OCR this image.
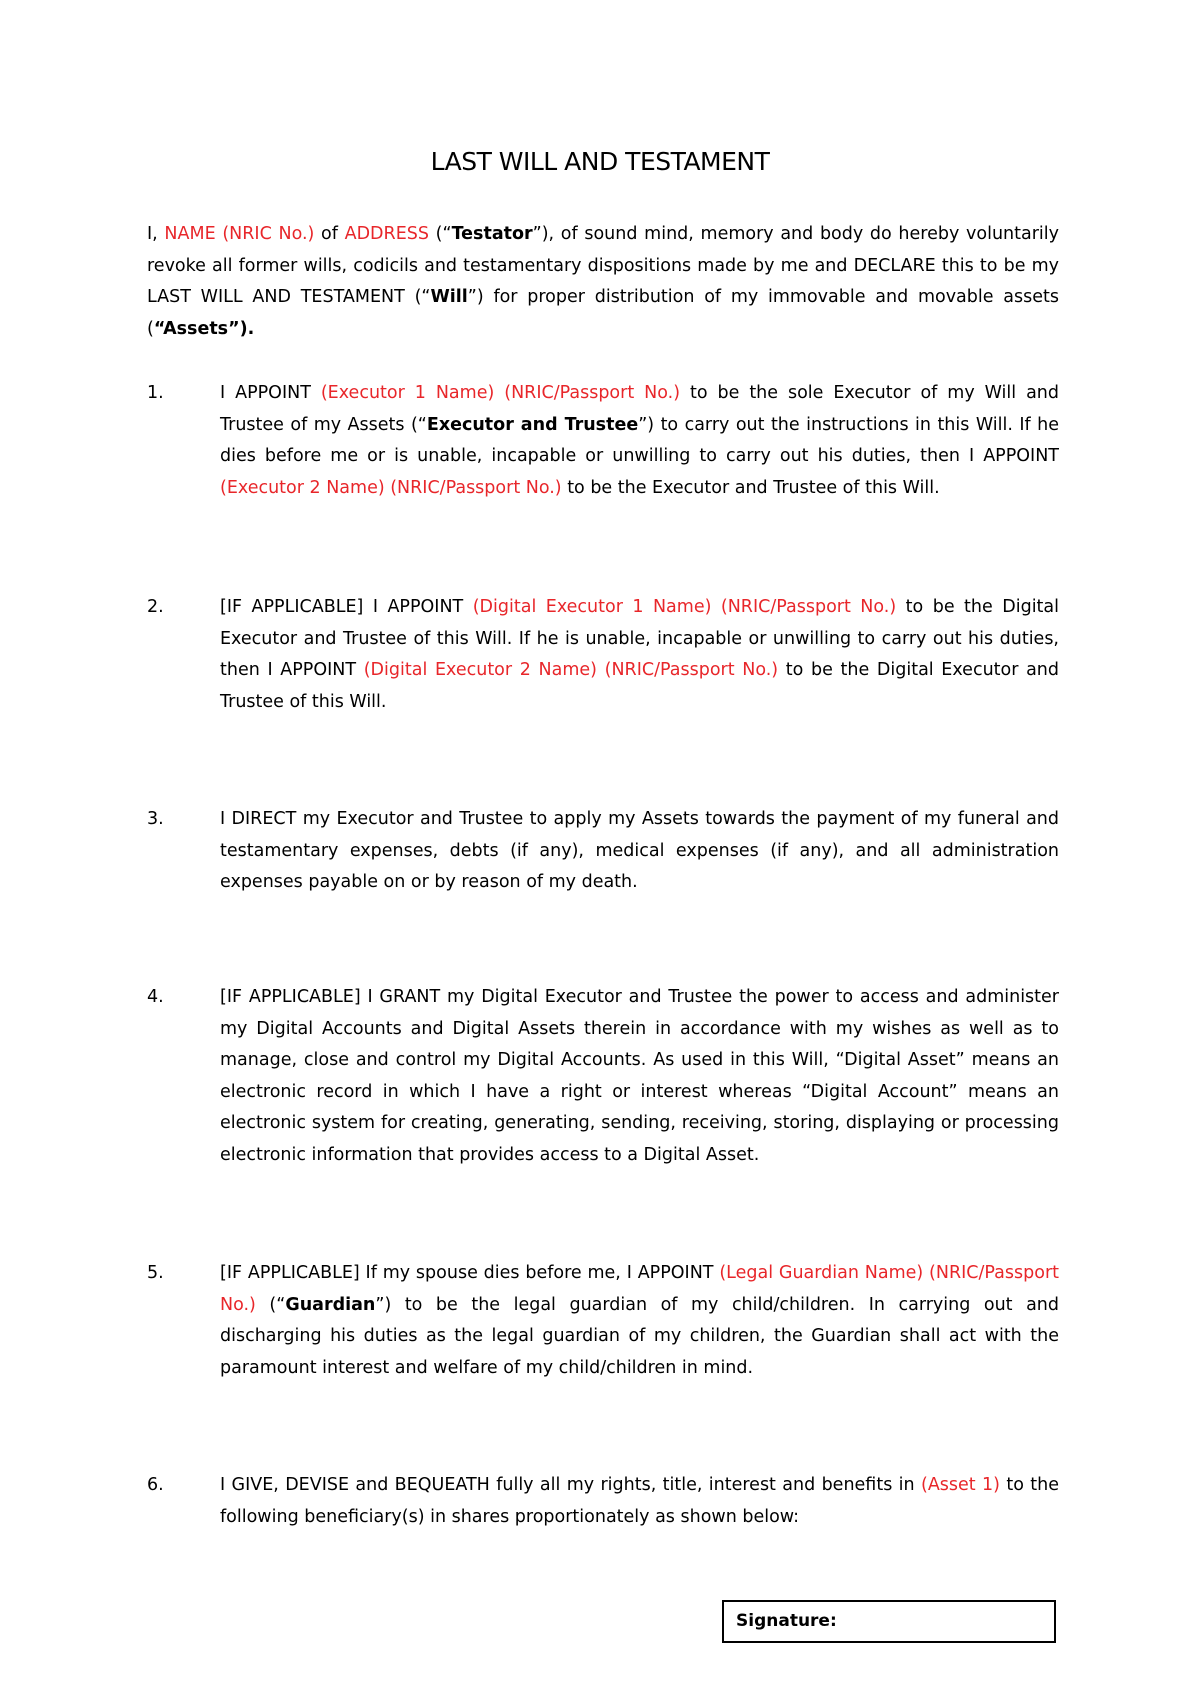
LAST WILL AND TESTAMENT
I, NAME (NRIC No.) of ADDRESS (“Testator”), of sound mind, memory and body do hereby voluntarily revoke all former wills, codicils and testamentary dispositions made by me and DECLARE this to be my LAST WILL AND TESTAMENT (“Will”) for proper distribution of my immovable and movable assets (“Assets”).
1.	I APPOINT (Executor 1 Name) (NRIC/Passport No.) to be the sole Executor of my Will and Trustee of my Assets (“Executor and Trustee”) to carry out the instructions in this Will. If he dies before me or is unable, incapable or unwilling to carry out his duties, then I APPOINT (Executor 2 Name) (NRIC/Passport No.) to be the Executor and Trustee of this Will.
2.	[IF APPLICABLE] I APPOINT (Digital Executor 1 Name) (NRIC/Passport No.) to be the Digital Executor and Trustee of this Will. If he is unable, incapable or unwilling to carry out his duties, then I APPOINT (Digital Executor 2 Name) (NRIC/Passport No.) to be the Digital Executor and Trustee of this Will.
3.	I DIRECT my Executor and Trustee to apply my Assets towards the payment of my funeral and testamentary expenses, debts (if any), medical expenses (if any), and all administration expenses payable on or by reason of my death.
4.	[IF APPLICABLE] I GRANT my Digital Executor and Trustee the power to access and administer my Digital Accounts and Digital Assets therein in accordance with my wishes as well as to manage, close and control my Digital Accounts. As used in this Will, “Digital Asset” means an electronic record in which I have a right or interest whereas “Digital Account” means an electronic system for creating, generating, sending, receiving, storing, displaying or processing electronic information that provides access to a Digital Asset.
5.	[IF APPLICABLE] If my spouse dies before me, I APPOINT (Legal Guardian Name) (NRIC/Passport No.) (“Guardian”) to be the legal guardian of my child/children. In carrying out and discharging his duties as the legal guardian of my children, the Guardian shall act with the paramount interest and welfare of my child/children in mind.
6.	I GIVE, DEVISE and BEQUEATH fully all my rights, title, interest and benefits in (Asset 1) to the following beneficiary(s) in shares proportionately as shown below:
Signature:
